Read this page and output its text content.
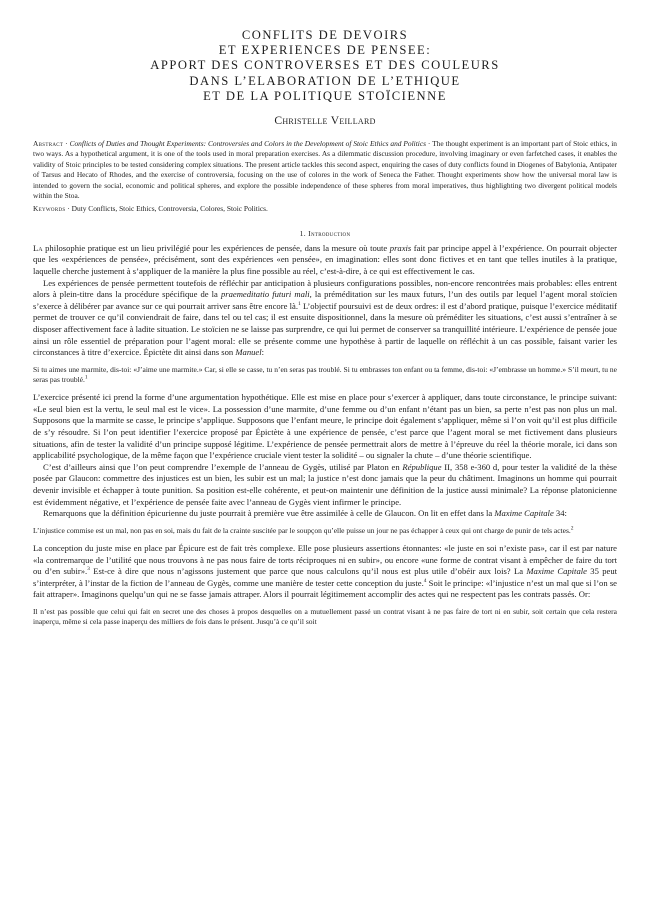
CONFLITS DE DEVOIRS
ET EXPERIENCES DE PENSEE:
APPORT DES CONTROVERSES ET DES COULEURS
DANS L’ELABORATION DE L’ETHIQUE
ET DE LA POLITIQUE STOÏCIENNE
Christelle Veillard
Abstract · Conflicts of Duties and Thought Experiments: Controversies and Colors in the Development of Stoic Ethics and Politics · The thought experiment is an important part of Stoic ethics, in two ways. As a hypothetical argument, it is one of the tools used in moral preparation exercises. As a dilemmatic discussion procedure, involving imaginary or even farfetched cases, it enables the validity of Stoic principles to be tested considering complex situations. The present article tackles this second aspect, enquiring the cases of duty conflicts found in Diogenes of Babylonia, Antipater of Tarsus and Hecato of Rhodes, and the exercise of controversia, focusing on the use of colores in the work of Seneca the Father. Thought experiments show how the universal moral law is intended to govern the social, economic and political spheres, and explore the possible independence of these spheres from moral imperatives, thus highlighting two divergent political models within the Stoa.
Keywords · Duty Conflicts, Stoic Ethics, Controversia, Colores, Stoic Politics.
1. Introduction

La philosophie pratique est un lieu privilégié pour les expériences de pensée, dans la mesure où toute praxis fait par principe appel à l’expérience. On pourrait objecter que les «expériences de pensée», précisément, sont des expériences «en pensée», en imagination: elles sont donc fictives et en tant que telles inutiles à la pratique, laquelle cherche justement à s’appliquer de la manière la plus fine possible au réel, c’est-à-dire, à ce qui est effectivement le cas.

Les expériences de pensée permettent toutefois de réfléchir par anticipation à plusieurs configurations possibles, non-encore rencontrées mais probables: elles entrent alors à plein-titre dans la procédure spécifique de la praemeditatio futuri mali, la préméditation sur les maux futurs, l’un des outils par lequel l’agent moral stoïcien s’exerce à délibérer par avance sur ce qui pourrait arriver sans être encore là.$^1$ L’objectif poursuivi est de deux ordres: il est d’abord pratique, puisque l’exercice méditatif permet de trouver ce qu’il conviendrait de faire, dans tel ou tel cas; il est ensuite dispositionnel, dans la mesure où préméditer les situations, c’est aussi s’entraîner à se disposer affectivement face à ladite situation. Le stoïcien ne se laisse pas surprendre, ce qui lui permet de conserver sa tranquillité intérieure. L’expérience de pensée joue ainsi un rôle essentiel de préparation pour l’agent moral: elle se présente comme une hypothèse à partir de laquelle on réfléchit à un cas possible, faisant varier les circonstances à titre d’exercice. Épictète dit ainsi dans son Manuel:

Si tu aimes une marmite, dis-toi: «J’aime une marmite.» Car, si elle se casse, tu n’en seras pas troublé. Si tu embrasses ton enfant ou ta femme, dis-toi: «J’embrasse un homme.» S’il meurt, tu ne seras pas troublé.$^1$

L’exercice présenté ici prend la forme d’une argumentation hypothétique. Elle est mise en place pour s’exercer à appliquer, dans toute circonstance, le principe suivant: «Le seul bien est la vertu, le seul mal est le vice». La possession d’une marmite, d’une femme ou d’un enfant n’étant pas un bien, sa perte n’est pas non plus un mal. Supposons que la marmite se casse, le principe s’applique. Supposons que l’enfant meure, le principe doit également s’appliquer, même si l’on voit qu’il est plus difficile de s’y résoudre. Si l’on peut identifier l’exercice proposé par Épictète à une expérience de pensée, c’est parce que l’agent moral se met fictivement dans plusieurs situations, afin de tester la validité d’un principe supposé légitime. L’expérience de pensée permettrait alors de mettre à l’épreuve du réel la théorie morale, ici dans son applicabilité psychologique, de la même façon que l’expérience cruciale vient tester la solidité – ou signaler la chute – d’une théorie scientifique.

C’est d’ailleurs ainsi que l’on peut comprendre l’exemple de l’anneau de Gygès, utilisé par Platon en République II, 358 e-360 d, pour tester la validité de la thèse posée par Glaucon: commettre des injustices est un bien, les subir est un mal; la justice n’est donc jamais que la peur du châtiment. Imaginons un homme qui pourrait devenir invisible et échapper à toute punition. Sa position est-elle cohérente, et peut-on maintenir une définition de la justice aussi minimale? La réponse platonicienne est évidemment négative, et l’expérience de pensée faite avec l’anneau de Gygès vient infirmer le principe.

Remarquons que la définition épicurienne du juste pourrait à première vue être assimilée à celle de Glaucon. On lit en effet dans la Maxime Capitale 34:

L’injustice commise est un mal, non pas en soi, mais du fait de la crainte suscitée par le soupçon qu’elle puisse un jour ne pas échapper à ceux qui ont charge de punir de tels actes.$^2$

La conception du juste mise en place par Épicure est de fait très complexe. Elle pose plusieurs assertions étonnantes: «le juste en soi n’existe pas», car il est par nature «la contremarque de l’utilité que nous trouvons à ne pas nous faire de torts réciproques ni en subir», ou encore «une forme de contrat visant à empêcher de faire du tort ou d’en subir».$^3$ Est-ce à dire que nous n’agissons justement que parce que nous calculons qu’il nous est plus utile d’obéir aux lois? La Maxime Capitale 35 peut s’interpréter, à l’instar de la fiction de l’anneau de Gygès, comme une manière de tester cette conception du juste.$^4$ Soit le principe: «l’injustice n’est un mal que si l’on se fait attraper». Imaginons quelqu’un qui ne se fasse jamais attraper. Alors il pourrait légitimement accomplir des actes qui ne respectent pas les contrats passés. Or:

Il n’est pas possible que celui qui fait en secret une des choses à propos desquelles on a mutuellement passé un contrat visant à ne pas faire de tort ni en subir, soit certain que cela restera inaperçu, même si cela passe inaperçu des milliers de fois dans le présent. Jusqu’à ce qu’il soit
